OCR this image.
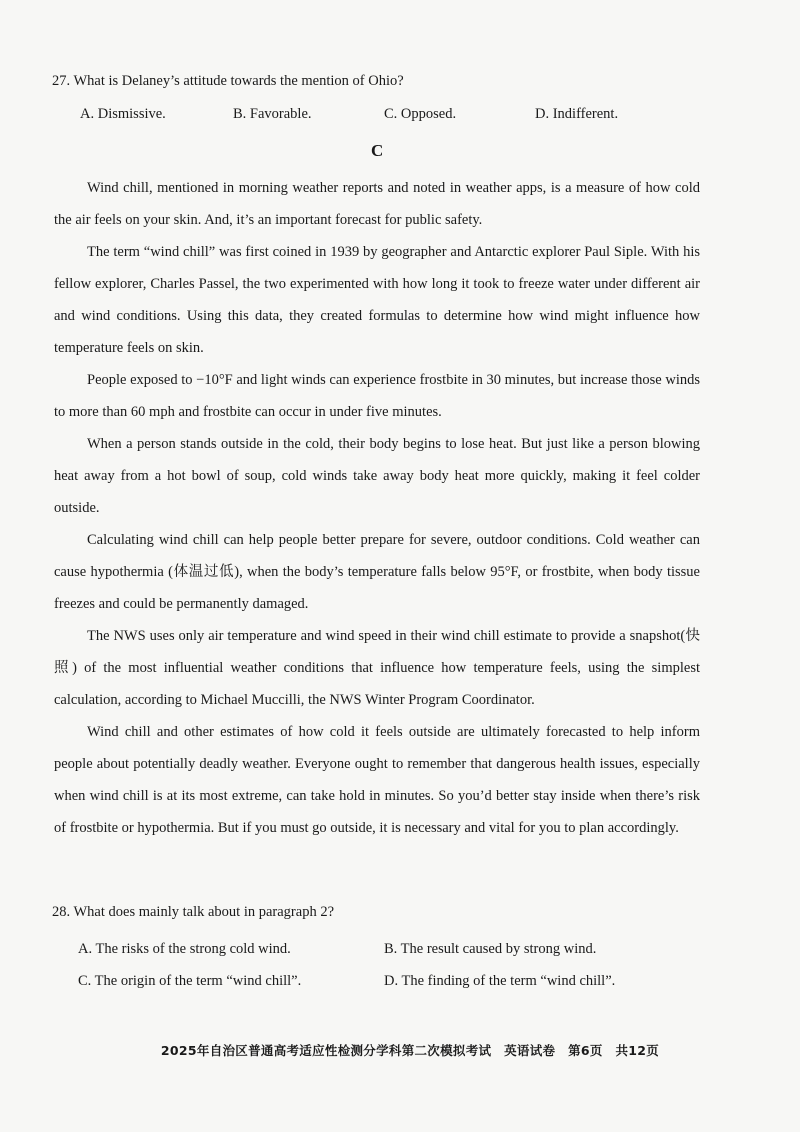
27. What is Delaney’s attitude towards the mention of Ohio?
A. Dismissive.	B. Favorable.	C. Opposed.	D. Indifferent.
C

Wind chill, mentioned in morning weather reports and noted in weather apps, is a measure of how cold the air feels on your skin. And, it’s an important forecast for public safety.

The term “wind chill” was first coined in 1939 by geographer and Antarctic explorer Paul Siple. With his fellow explorer, Charles Passel, the two experimented with how long it took to freeze water under different air and wind conditions. Using this data, they created formulas to determine how wind might influence how temperature feels on skin.

People exposed to −10°F and light winds can experience frostbite in 30 minutes, but increase those winds to more than 60 mph and frostbite can occur in under five minutes.

When a person stands outside in the cold, their body begins to lose heat. But just like a person blowing heat away from a hot bowl of soup, cold winds take away body heat more quickly, making it feel colder outside.

Calculating wind chill can help people better prepare for severe, outdoor conditions. Cold weather can cause hypothermia (体温过低), when the body’s temperature falls below 95°F, or frostbite, when body tissue freezes and could be permanently damaged.

The NWS uses only air temperature and wind speed in their wind chill estimate to provide a snapshot(快照) of the most influential weather conditions that influence how temperature feels, using the simplest calculation, according to Michael Muccilli, the NWS Winter Program Coordinator.

Wind chill and other estimates of how cold it feels outside are ultimately forecasted to help inform people about potentially deadly weather. Everyone ought to remember that dangerous health issues, especially when wind chill is at its most extreme, can take hold in minutes. So you’d better stay inside when there’s risk of frostbite or hypothermia. But if you must go outside, it is necessary and vital for you to plan accordingly.

28. What does mainly talk about in paragraph 2?
A. The risks of the strong cold wind.	B. The result caused by strong wind.
C. The origin of the term “wind chill”.	D. The finding of the term “wind chill”.
2025年自治区普通高考适应性检测分学科第二次模拟考试　英语试卷　第6页　共12页
